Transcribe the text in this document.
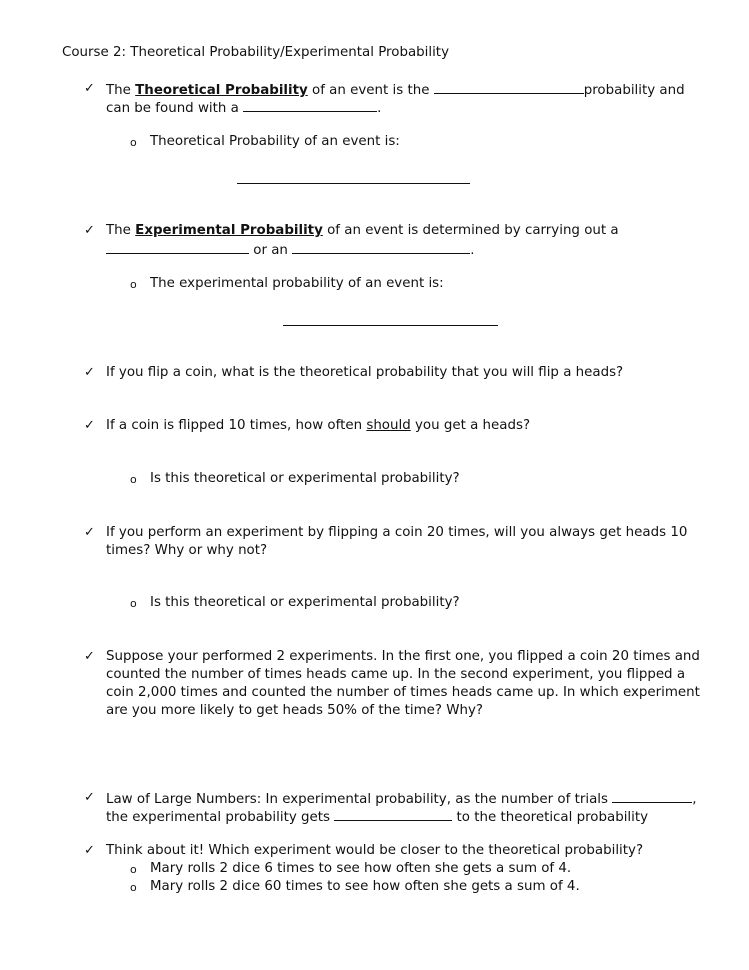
Course 2: Theoretical Probability/Experimental Probability
✓ The Theoretical Probability of an event is the	probability and
can be found with a	.
o Theoretical Probability of an event is:
✓ The Experimental Probability of an event is determined by carrying out a
or an	.
o The experimental probability of an event is:
✓ If you flip a coin, what is the theoretical probability that you will flip a heads?
✓ If a coin is flipped 10 times, how often should you get a heads?
o Is this theoretical or experimental probability?
✓ If you perform an experiment by flipping a coin 20 times, will you always get heads 10
times? Why or why not?
o Is this theoretical or experimental probability?
✓ Suppose your performed 2 experiments. In the first one, you flipped a coin 20 times and
counted the number of times heads came up. In the second experiment, you flipped a
coin 2,000 times and counted the number of times heads came up. In which experiment
are you more likely to get heads 50% of the time? Why?
✓ Law of Large Numbers: In experimental probability, as the number of trials	,
the experimental probability gets	to the theoretical probability
✓ Think about it! Which experiment would be closer to the theoretical probability?
o Mary rolls 2 dice 6 times to see how often she gets a sum of 4.
o Mary rolls 2 dice 60 times to see how often she gets a sum of 4.
